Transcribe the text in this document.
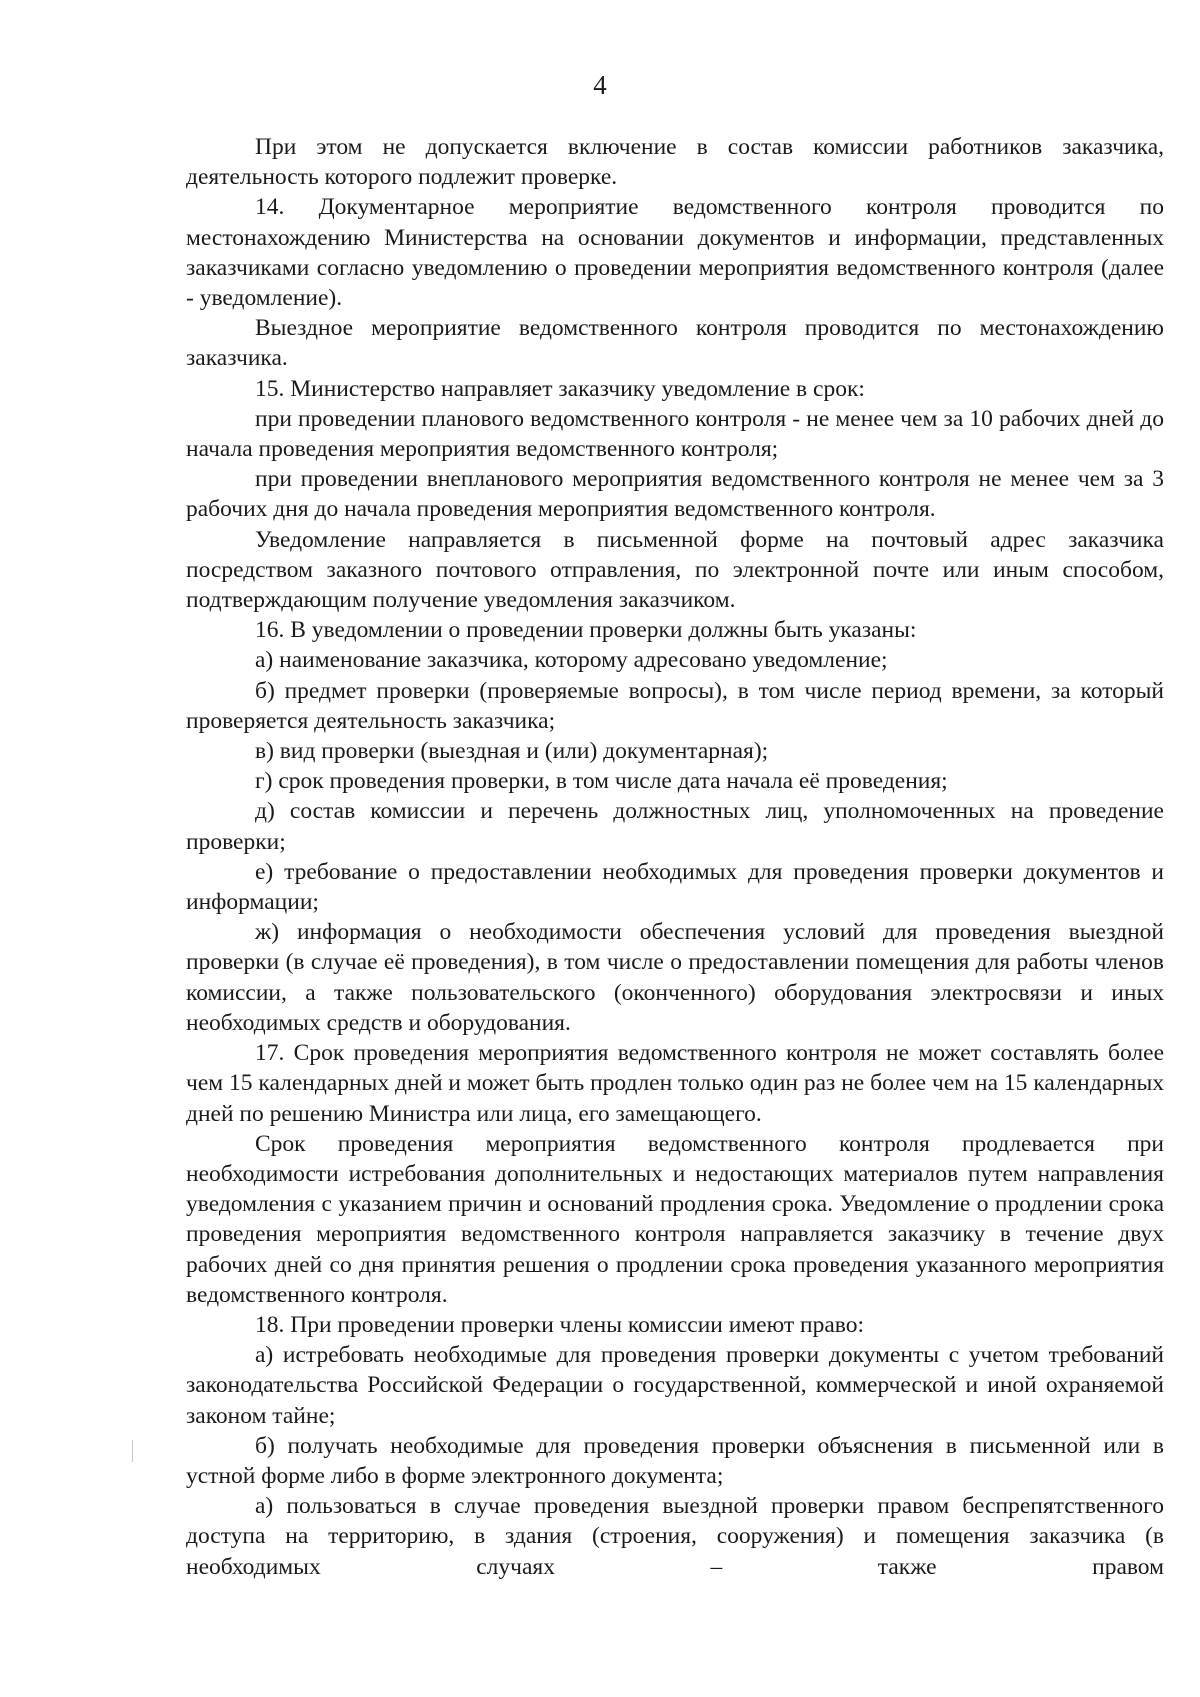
4

При этом не допускается включение в состав комиссии работников заказчика, деятельность которого подлежит проверке.

14. Документарное мероприятие ведомственного контроля проводится по местонахождению Министерства на основании документов и информации, представленных заказчиками согласно уведомлению о проведении мероприятия ведомственного контроля (далее - уведомление).

Выездное мероприятие ведомственного контроля проводится по местонахождению заказчика.

15. Министерство направляет заказчику уведомление в срок:

при проведении планового ведомственного контроля - не менее чем за 10 рабочих дней до начала проведения мероприятия ведомственного контроля;

при проведении внепланового мероприятия ведомственного контроля не менее чем за 3 рабочих дня до начала проведения мероприятия ведомственного контроля.

Уведомление направляется в письменной форме на почтовый адрес заказчика посредством заказного почтового отправления, по электронной почте или иным способом, подтверждающим получение уведомления заказчиком.

16. В уведомлении о проведении проверки должны быть указаны:

а) наименование заказчика, которому адресовано уведомление;

б) предмет проверки (проверяемые вопросы), в том числе период времени, за который проверяется деятельность заказчика;

в) вид проверки (выездная и (или) документарная);

г) срок проведения проверки, в том числе дата начала её проведения;

д) состав комиссии и перечень должностных лиц, уполномоченных на проведение проверки;

е) требование о предоставлении необходимых для проведения проверки документов и информации;

ж) информация о необходимости обеспечения условий для проведения выездной проверки (в случае её проведения), в том числе о предоставлении помещения для работы членов комиссии, а также пользовательского (оконченного) оборудования электросвязи и иных необходимых средств и оборудования.

17. Срок проведения мероприятия ведомственного контроля не может составлять более чем 15 календарных дней и может быть продлен только один раз не более чем на 15 календарных дней по решению Министра или лица, его замещающего.

Срок проведения мероприятия ведомственного контроля продлевается при необходимости истребования дополнительных и недостающих материалов путем направления уведомления с указанием причин и оснований продления срока. Уведомление о продлении срока проведения мероприятия ведомственного контроля направляется заказчику в течение двух рабочих дней со дня принятия решения о продлении срока проведения указанного мероприятия ведомственного контроля.

18. При проведении проверки члены комиссии имеют право:

а) истребовать необходимые для проведения проверки документы с учетом требований законодательства Российской Федерации о государственной, коммерческой и иной охраняемой законом тайне;

б) получать необходимые для проведения проверки объяснения в письменной или в устной форме либо в форме электронного документа;

а) пользоваться в случае проведения выездной проверки правом беспрепятственного доступа на территорию, в здания (строения, сооружения) и помещения заказчика (в необходимых случаях – также правом
